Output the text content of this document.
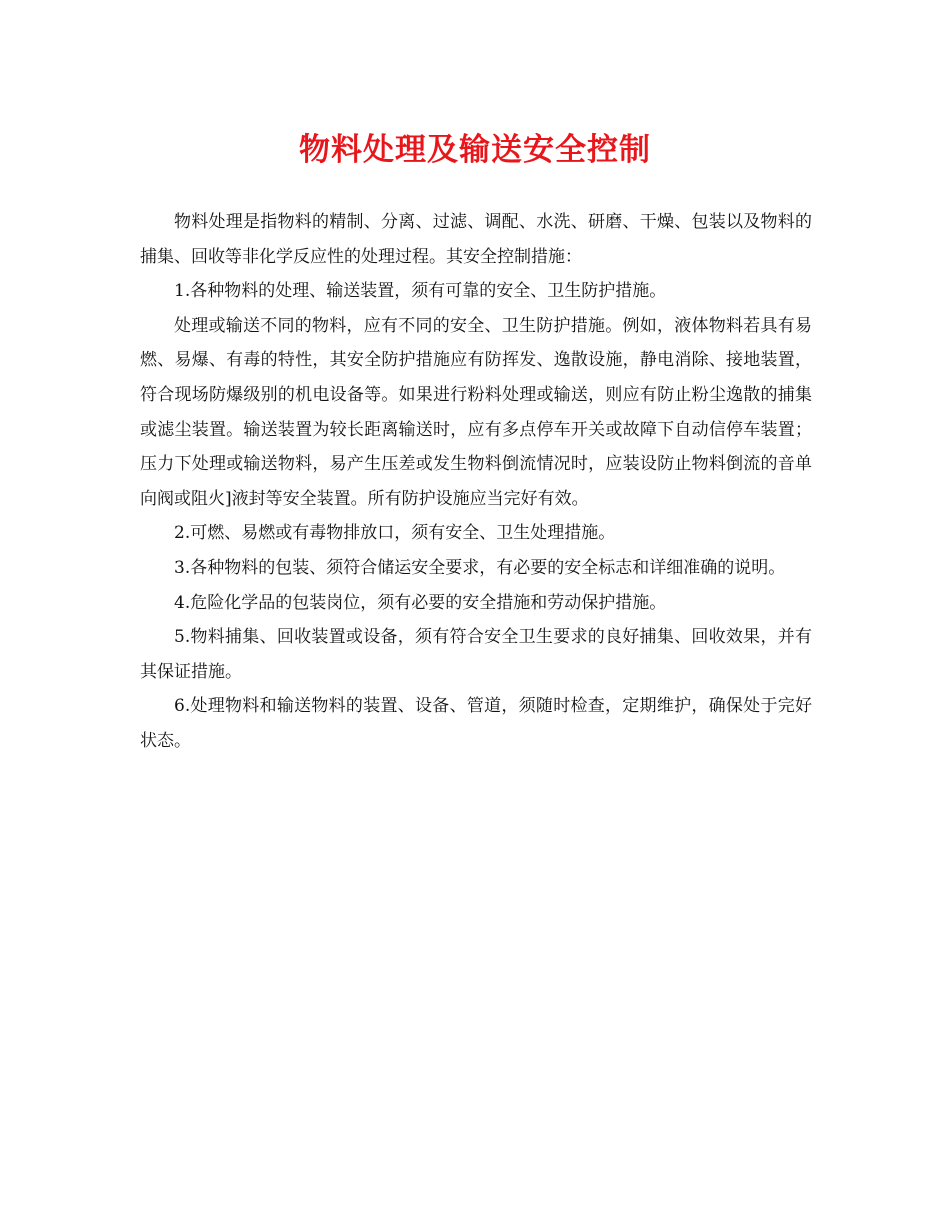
物料处理及输送安全控制

物料处理是指物料的精制、分离、过滤、调配、水洗、研磨、干燥、包装以及物料的捕集、回收等非化学反应性的处理过程。其安全控制措施：

1.各种物料的处理、输送装置，须有可靠的安全、卫生防护措施。

处理或输送不同的物料，应有不同的安全、卫生防护措施。例如，液体物料若具有易燃、易爆、有毒的特性，其安全防护措施应有防挥发、逸散设施，静电消除、接地装置，符合现场防爆级别的机电设备等。如果进行粉料处理或输送，则应有防止粉尘逸散的捕集或滤尘装置。输送装置为较长距离输送时，应有多点停车开关或故障下自动信停车装置；压力下处理或输送物料，易产生压差或发生物料倒流情况时，应装设防止物料倒流的音单向阀或阻火]液封等安全装置。所有防护设施应当完好有效。

2.可燃、易燃或有毒物排放口，须有安全、卫生处理措施。

3.各种物料的包装、须符合储运安全要求，有必要的安全标志和详细准确的说明。

4.危险化学品的包装岗位，须有必要的安全措施和劳动保护措施。

5.物料捕集、回收装置或设备，须有符合安全卫生要求的良好捕集、回收效果，并有其保证措施。

6.处理物料和输送物料的装置、设备、管道，须随时检查，定期维护，确保处于完好状态。
